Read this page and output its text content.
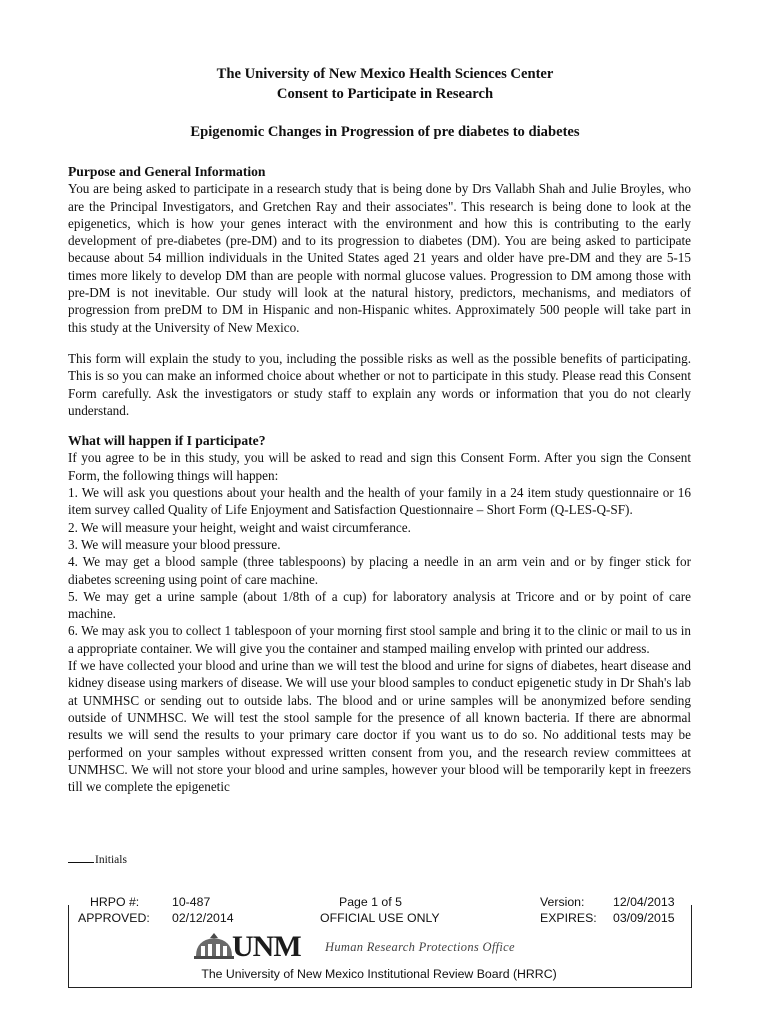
The University of New Mexico Health Sciences Center
Consent to Participate in Research
Epigenomic Changes in Progression of pre diabetes to diabetes

Purpose and General Information

You are being asked to participate in a research study that is being done by Drs Vallabh Shah and Julie Broyles, who are the Principal Investigators, and Gretchen Ray and their associates". This research is being done to look at the epigenetics, which is how your genes interact with the environment and how this is contributing to the early development of pre-diabetes (pre-DM) and to its progression to diabetes (DM). You are being asked to participate because about 54 million individuals in the United States aged 21 years and older have pre-DM and they are 5-15 times more likely to develop DM than are people with normal glucose values. Progression to DM among those with pre-DM is not inevitable. Our study will look at the natural history, predictors, mechanisms, and mediators of progression from preDM to DM in Hispanic and non-Hispanic whites. Approximately 500 people will take part in this study at the University of New Mexico.

This form will explain the study to you, including the possible risks as well as the possible benefits of participating. This is so you can make an informed choice about whether or not to participate in this study. Please read this Consent Form carefully. Ask the investigators or study staff to explain any words or information that you do not clearly understand.

What will happen if I participate?

If you agree to be in this study, you will be asked to read and sign this Consent Form. After you sign the Consent Form, the following things will happen:

1. We will ask you questions about your health and the health of your family in a 24 item study questionnaire or 16 item survey called Quality of Life Enjoyment and Satisfaction Questionnaire – Short Form (Q-LES-Q-SF).

2. We will measure your height, weight and waist circumferance.

3. We will measure your blood pressure.

4. We may get a blood sample (three tablespoons) by placing a needle in an arm vein and or by finger stick for diabetes screening using point of care machine.

5. We may get a urine sample (about 1/8th of a cup) for laboratory analysis at Tricore and or by point of care machine.

6. We may ask you to collect 1 tablespoon of your morning first stool sample and bring it to the clinic or mail to us in a appropriate container. We will give you the container and stamped mailing envelop with printed our address.

If we have collected your blood and urine than we will test the blood and urine for signs of diabetes, heart disease and kidney disease using markers of disease. We will use your blood samples to conduct epigenetic study in Dr Shah's lab at UNMHSC or sending out to outside labs. The blood and or urine samples will be anonymized before sending outside of UNMHSC. We will test the stool sample for the presence of all known bacteria. If there are abnormal results we will send the results to your primary care doctor if you want us to do so. No additional tests may be performed on your samples without expressed written consent from you, and the research review committees at UNMHSC. We will not store your blood and urine samples, however your blood will be temporarily kept in freezers till we complete the epigenetic

Initials
HRPO #:	10-487	Page 1 of 5	Version: 12/04/2013
APPROVED: 02/12/2014	OFFICIAL USE ONLY	EXPIRES: 03/09/2015
UNM Human Research Protections Office
The University of New Mexico Institutional Review Board (HRRC)
